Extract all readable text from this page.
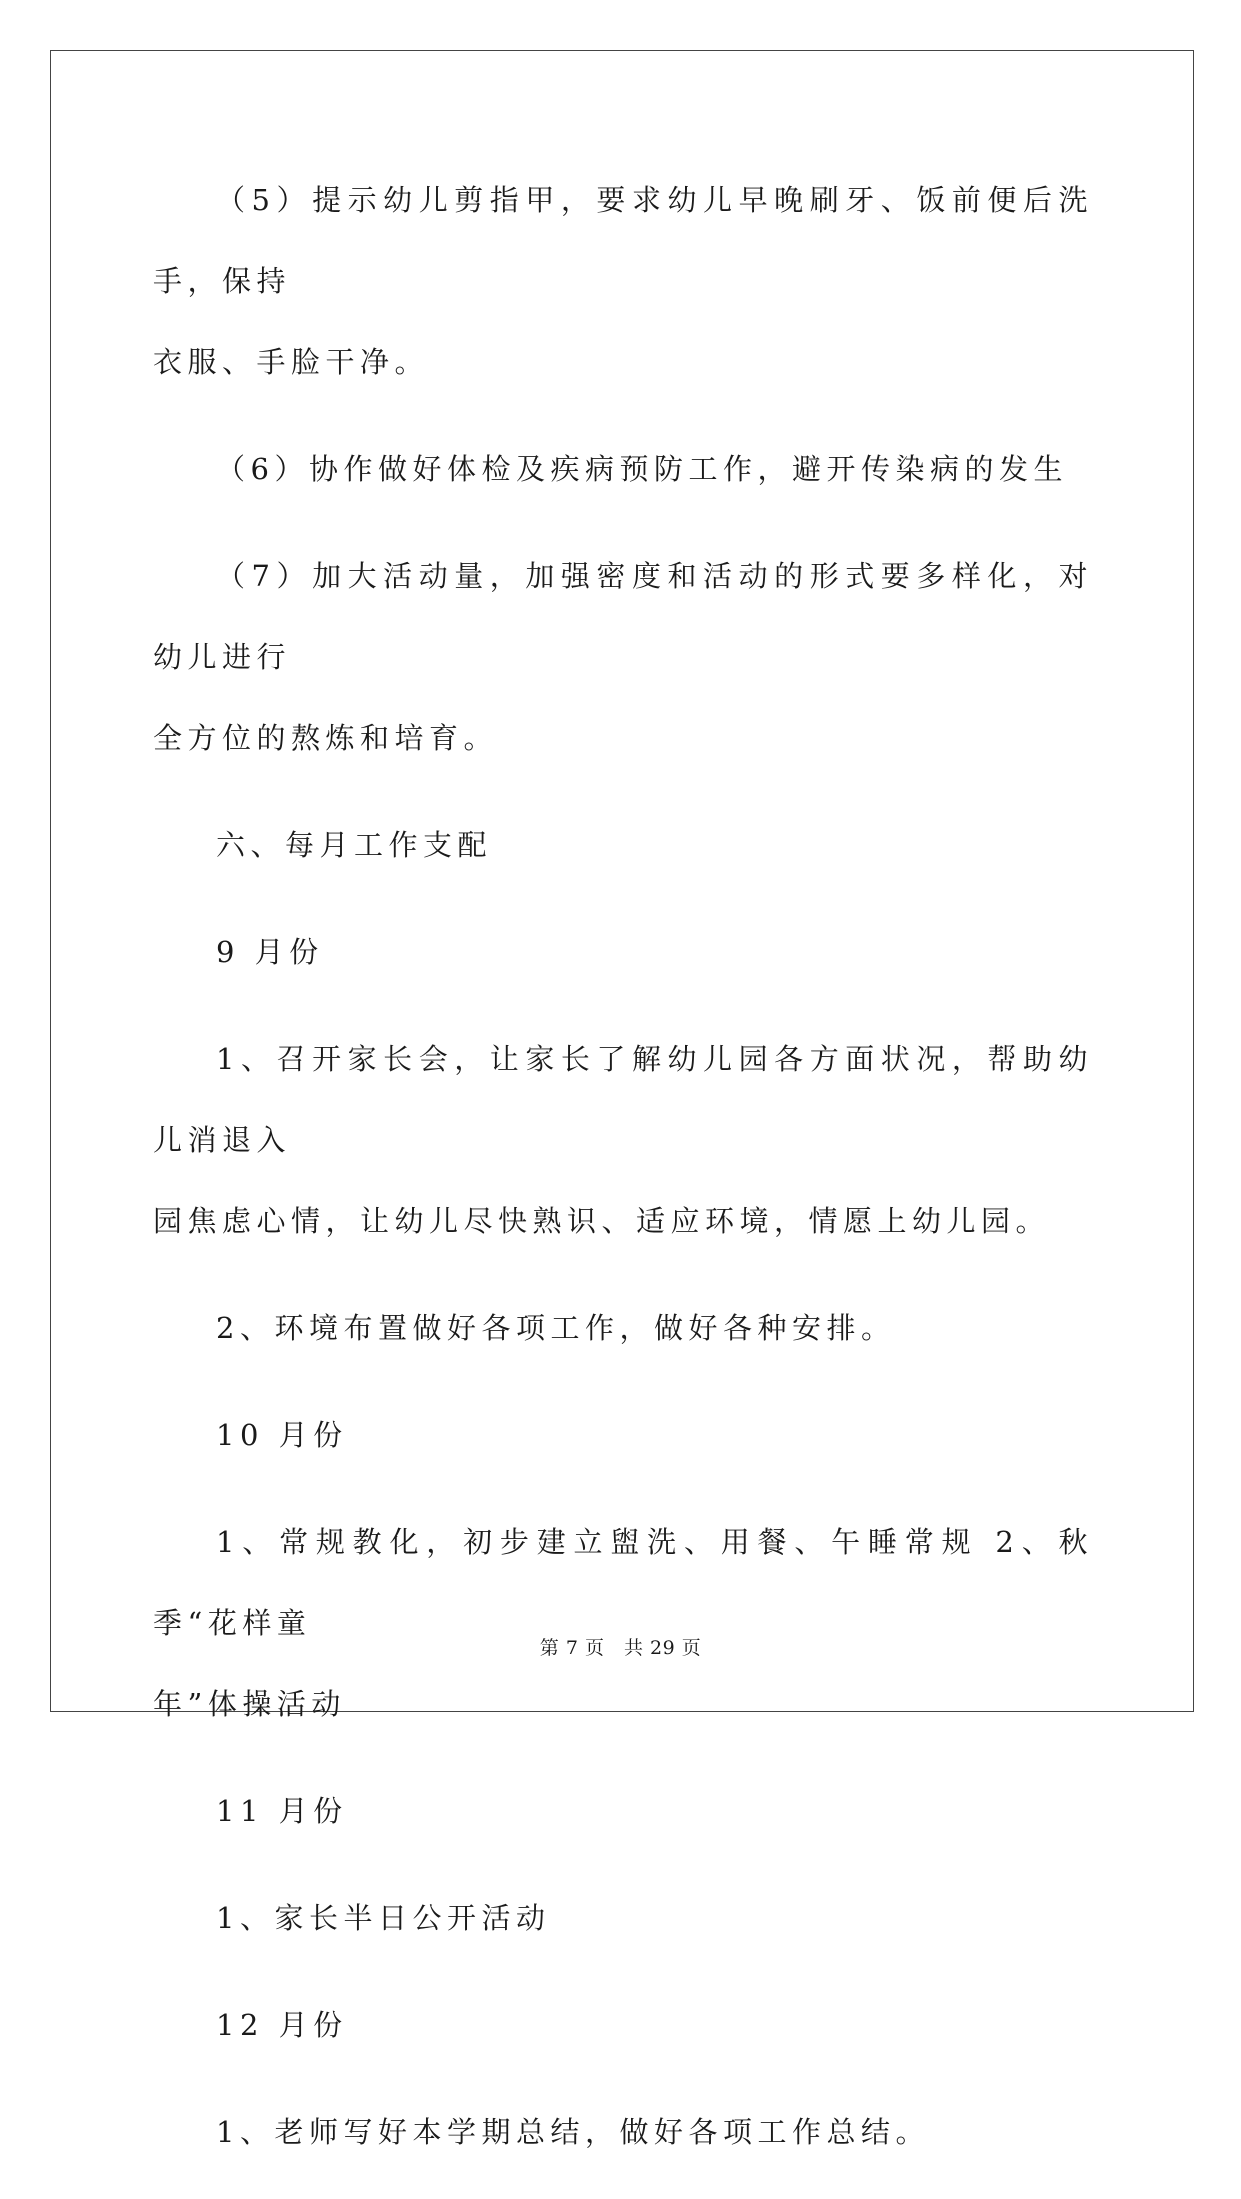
（5）提示幼儿剪指甲，要求幼儿早晚刷牙、饭前便后洗手，保持
衣服、手脸干净。

（6）协作做好体检及疾病预防工作，避开传染病的发生

（7）加大活动量，加强密度和活动的形式要多样化，对幼儿进行
全方位的熬炼和培育。

六、每月工作支配

9 月份

1、召开家长会，让家长了解幼儿园各方面状况，帮助幼儿消退入
园焦虑心情，让幼儿尽快熟识、适应环境，情愿上幼儿园。

2、环境布置做好各项工作，做好各种安排。

10 月份

1、常规教化，初步建立盥洗、用餐、午睡常规 2、秋季“花样童
年”体操活动

11 月份

1、家长半日公开活动

12 月份

1、老师写好本学期总结，做好各项工作总结。

第 7 页　共 29 页
